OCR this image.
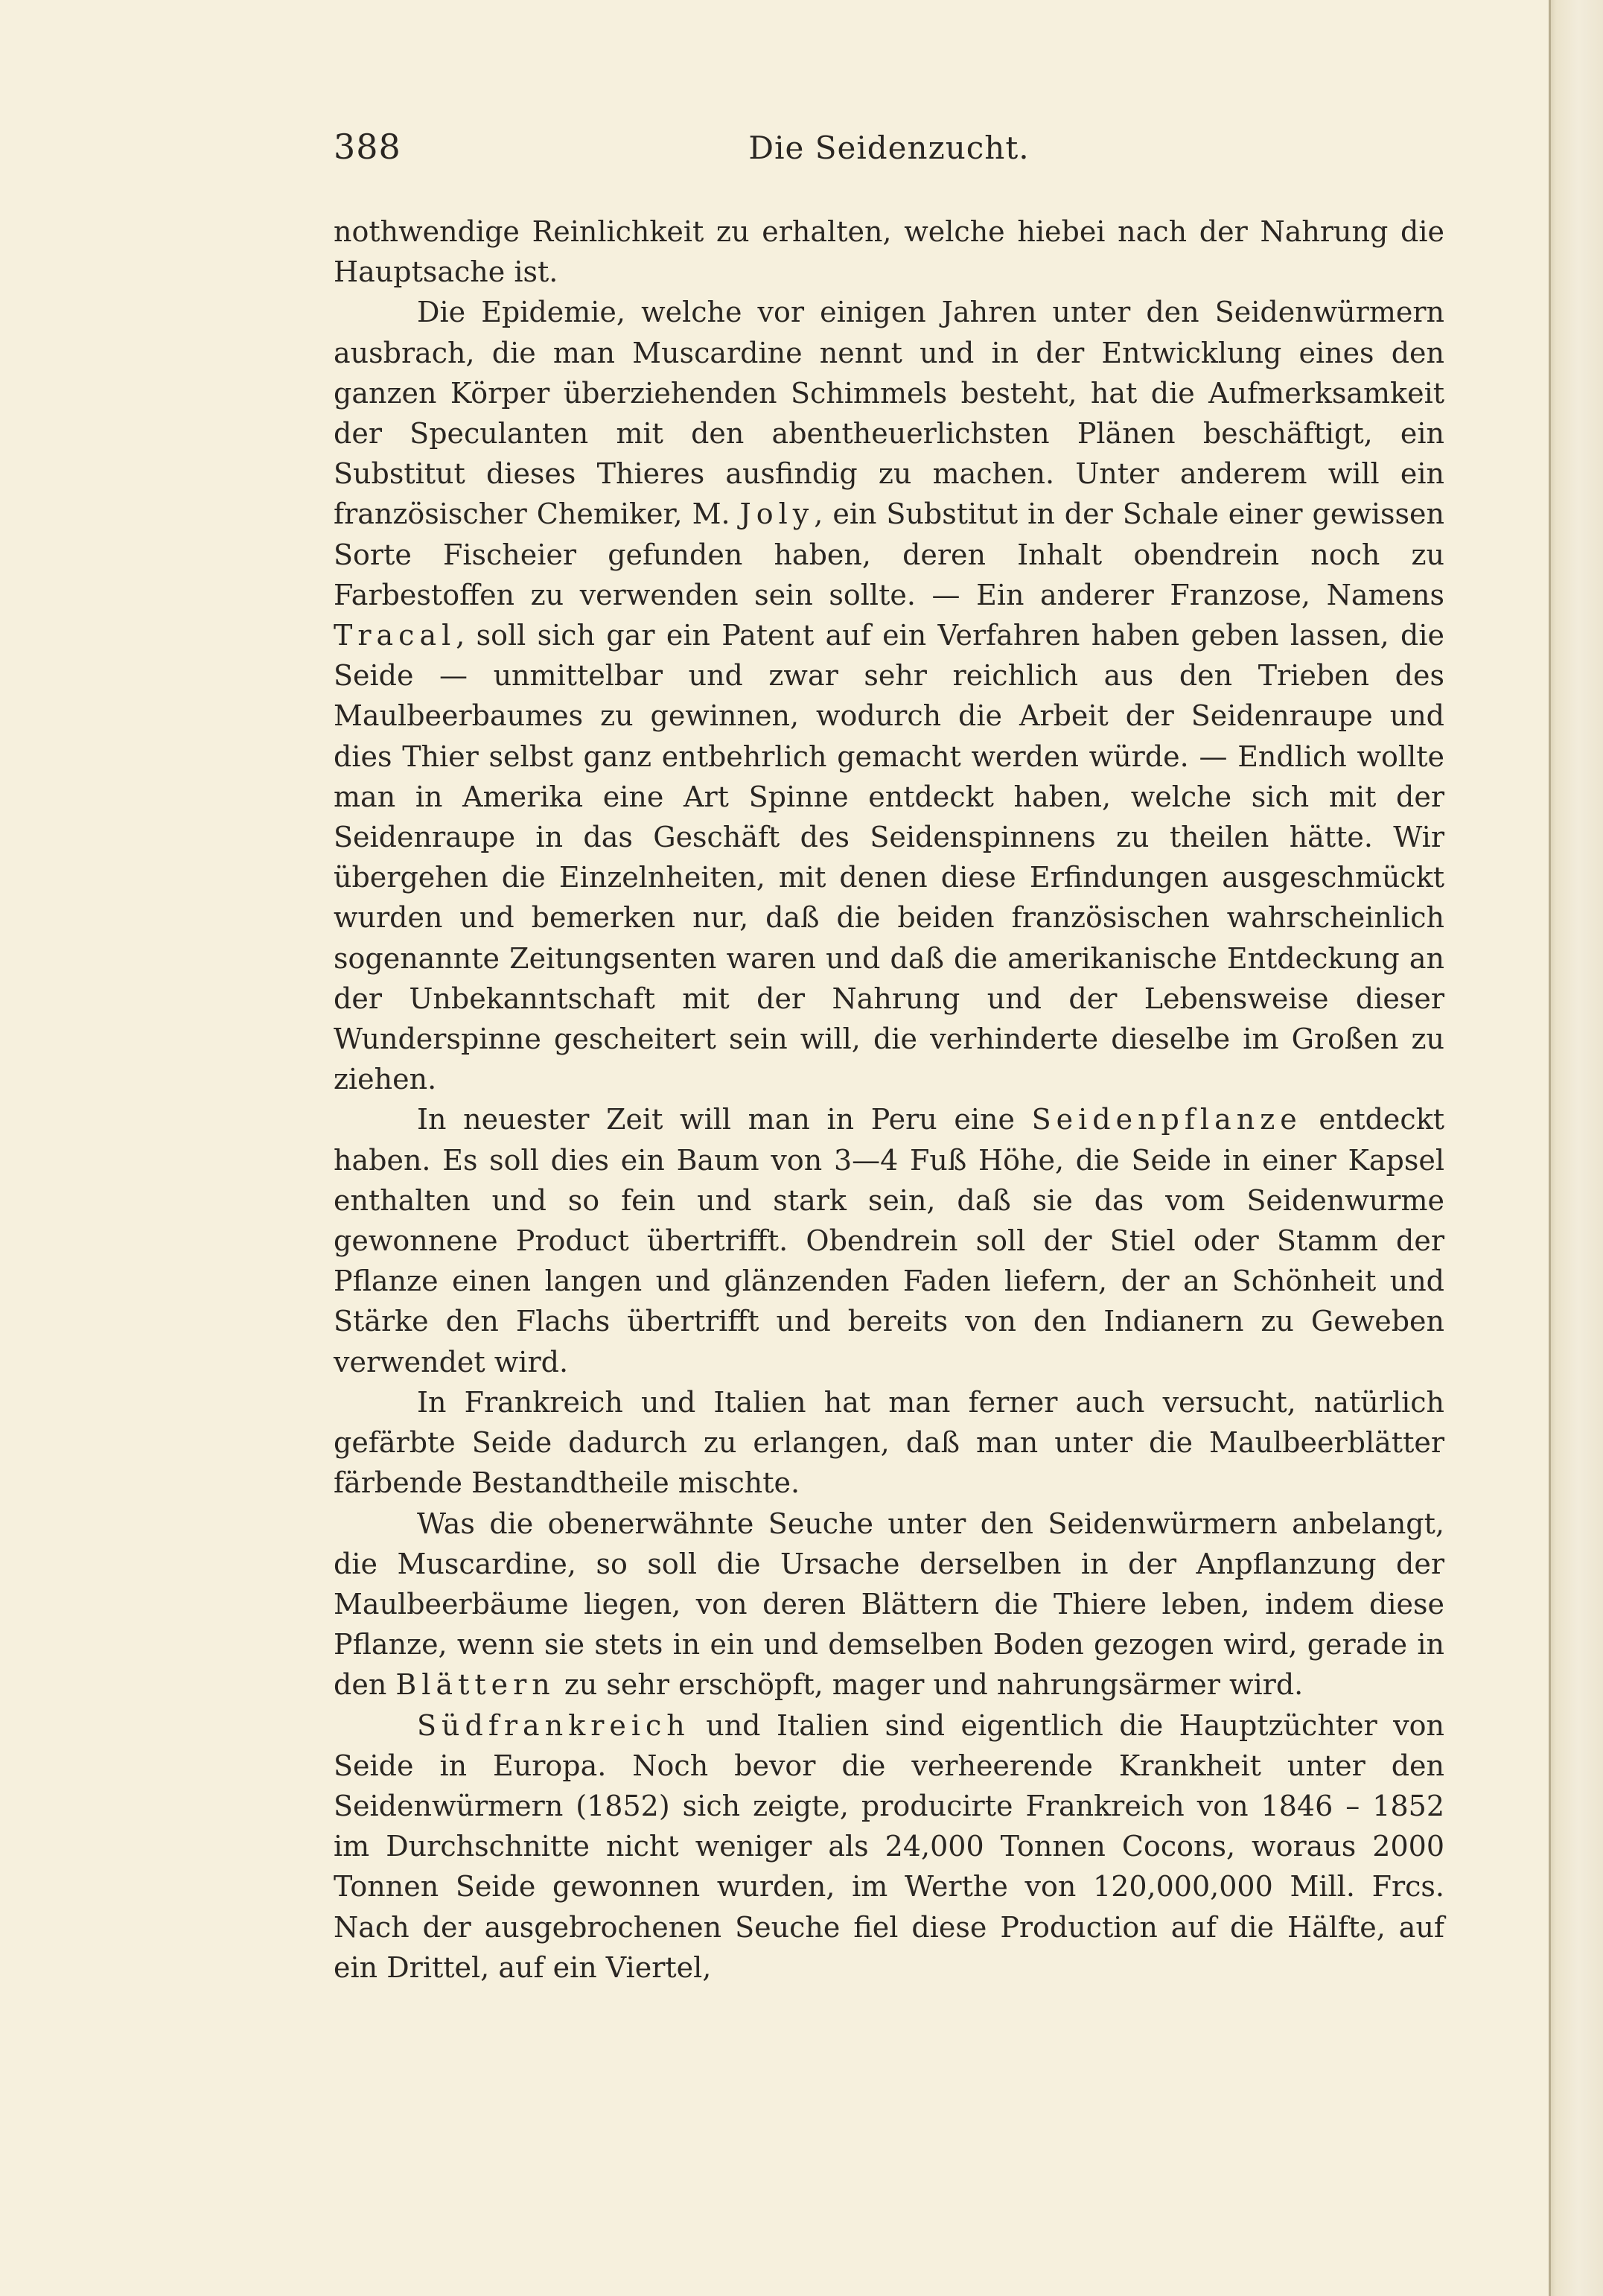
388	Die Seidenzucht.

nothwendige Reinlichkeit zu erhalten, welche hiebei nach der Nahrung die Hauptsache ist.

Die Epidemie, welche vor einigen Jahren unter den Seidenwürmern ausbrach, die man Muscardine nennt und in der Entwicklung eines den ganzen Körper überziehenden Schimmels besteht, hat die Aufmerksamkeit der Speculanten mit den abentheuerlichsten Plänen beschäftigt, ein Substitut dieses Thieres ausfindig zu machen. Unter anderem will ein französischer Chemiker, M. Joly, ein Substitut in der Schale einer gewissen Sorte Fischeier gefunden haben, deren Inhalt obendrein noch zu Farbestoffen zu verwenden sein sollte. — Ein anderer Franzose, Namens Tracal, soll sich gar ein Patent auf ein Verfahren haben geben lassen, die Seide — unmittelbar und zwar sehr reichlich aus den Trieben des Maulbeerbaumes zu gewinnen, wodurch die Arbeit der Seidenraupe und dies Thier selbst ganz entbehrlich gemacht werden würde. — Endlich wollte man in Amerika eine Art Spinne entdeckt haben, welche sich mit der Seidenraupe in das Geschäft des Seidenspinnens zu theilen hätte. Wir übergehen die Einzelnheiten, mit denen diese Erfindungen ausgeschmückt wurden und bemerken nur, daß die beiden französischen wahrscheinlich sogenannte Zeitungsenten waren und daß die amerikanische Entdeckung an der Unbekanntschaft mit der Nahrung und der Lebensweise dieser Wunderspinne gescheitert sein will, die verhinderte dieselbe im Großen zu ziehen.

In neuester Zeit will man in Peru eine Seidenpflanze entdeckt haben. Es soll dies ein Baum von 3—4 Fuß Höhe, die Seide in einer Kapsel enthalten und so fein und stark sein, daß sie das vom Seidenwurme gewonnene Product übertrifft. Obendrein soll der Stiel oder Stamm der Pflanze einen langen und glänzenden Faden liefern, der an Schönheit und Stärke den Flachs übertrifft und bereits von den Indianern zu Geweben verwendet wird.

In Frankreich und Italien hat man ferner auch versucht, natürlich gefärbte Seide dadurch zu erlangen, daß man unter die Maulbeerblätter färbende Bestandtheile mischte.

Was die obenerwähnte Seuche unter den Seidenwürmern anbelangt, die Muscardine, so soll die Ursache derselben in der Anpflanzung der Maulbeerbäume liegen, von deren Blättern die Thiere leben, indem diese Pflanze, wenn sie stets in ein und demselben Boden gezogen wird, gerade in den Blättern zu sehr erschöpft, mager und nahrungsärmer wird.

Südfrankreich und Italien sind eigentlich die Hauptzüchter von Seide in Europa. Noch bevor die verheerende Krankheit unter den Seidenwürmern (1852) sich zeigte, producirte Frankreich von 1846 – 1852 im Durchschnitte nicht weniger als 24,000 Tonnen Cocons, woraus 2000 Tonnen Seide gewonnen wurden, im Werthe von 120,000,000 Mill. Frcs. Nach der ausgebrochenen Seuche fiel diese Production auf die Hälfte, auf ein Drittel, auf ein Viertel,
